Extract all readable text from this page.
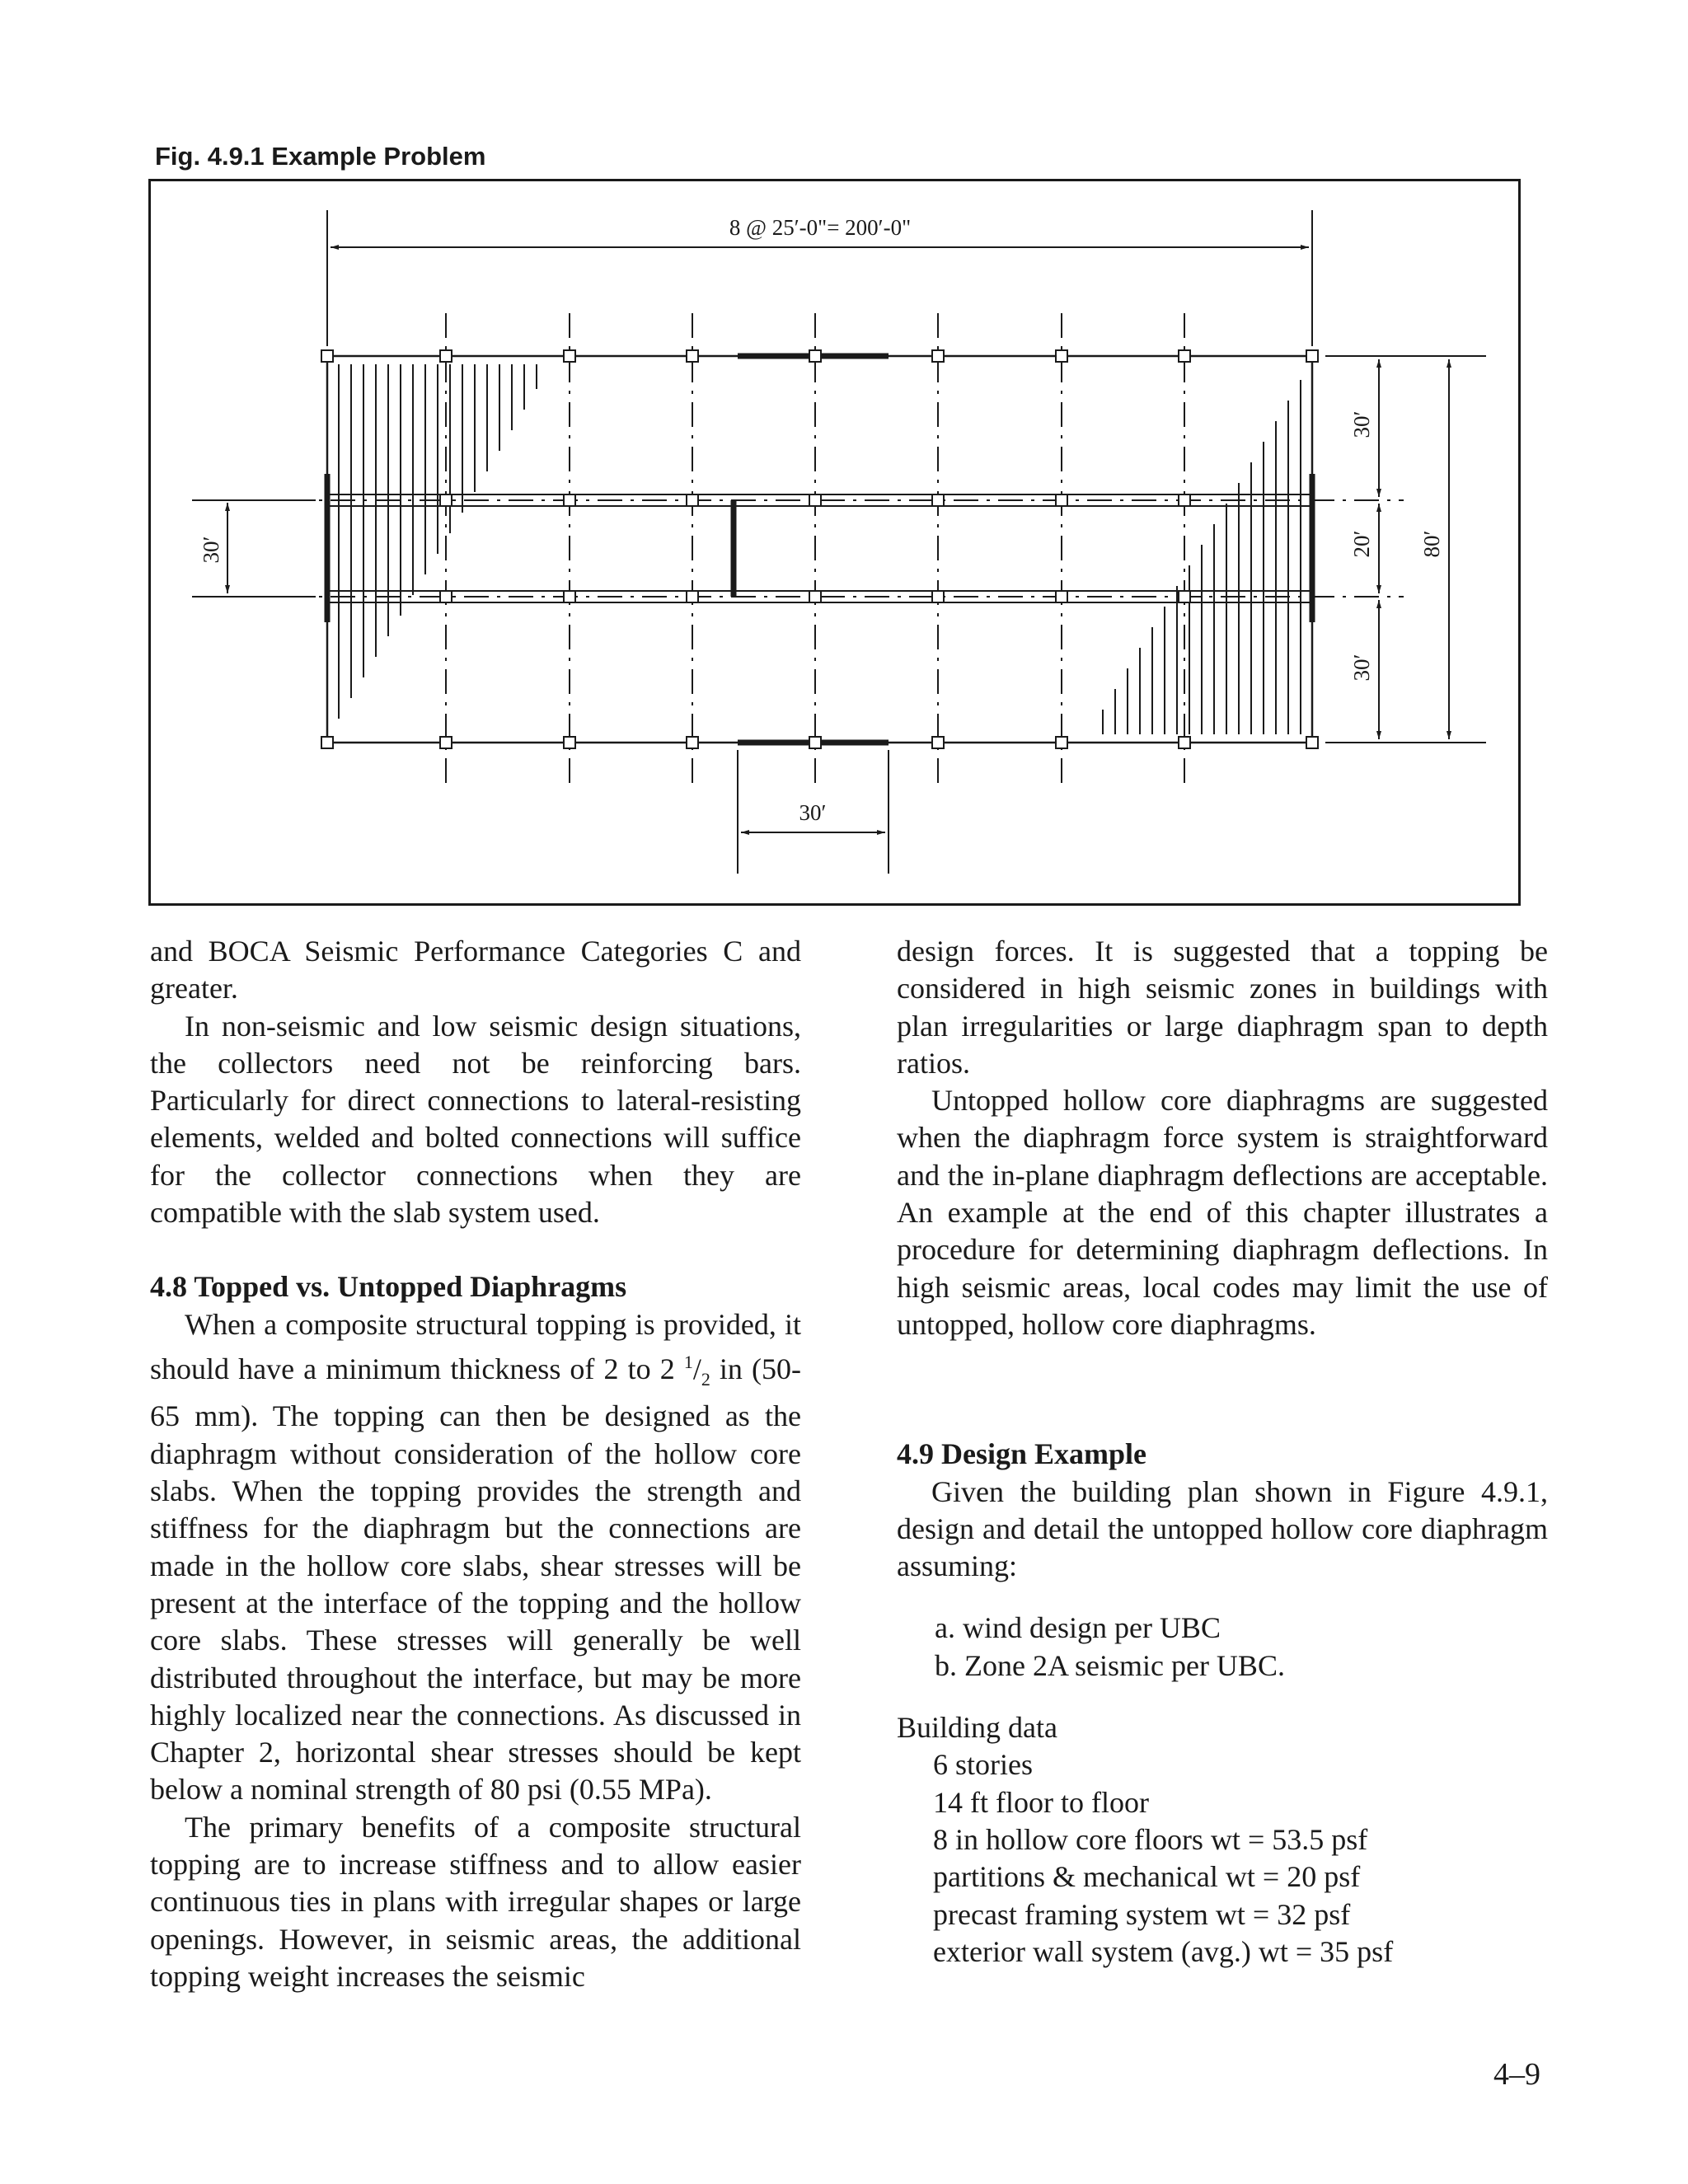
Fig. 4.9.1 Example Problem

8 @ 25′-0"= 200′-0"
30′
30′
30′
20′
30′
80′

and BOCA Seismic Performance Categories C and greater.

In non-seismic and low seismic design situations, the collectors need not be reinforcing bars. Particularly for direct connections to lateral-resisting elements, welded and bolted connections will suffice for the collector connections when they are compatible with the slab system used.

4.8 Topped vs. Untopped Diaphragms

When a composite structural topping is provided, it should have a minimum thickness of 2 to 2 $^1/_2$ in (50-65 mm). The topping can then be designed as the diaphragm without consideration of the hollow core slabs. When the topping provides the strength and stiffness for the diaphragm but the connections are made in the hollow core slabs, shear stresses will be present at the interface of the topping and the hollow core slabs. These stresses will generally be well distributed throughout the interface, but may be more highly localized near the connections. As discussed in Chapter 2, horizontal shear stresses should be kept below a nominal strength of 80 psi (0.55 MPa).

The primary benefits of a composite structural topping are to increase stiffness and to allow easier continuous ties in plans with irregular shapes or large openings. However, in seismic areas, the additional topping weight increases the seismic

design forces. It is suggested that a topping be considered in high seismic zones in buildings with plan irregularities or large diaphragm span to depth ratios.

Untopped hollow core diaphragms are suggested when the diaphragm force system is straightforward and the in-plane diaphragm deflections are acceptable. An example at the end of this chapter illustrates a procedure for determining diaphragm deflections. In high seismic areas, local codes may limit the use of untopped, hollow core diaphragms.

4.9 Design Example

Given the building plan shown in Figure 4.9.1, design and detail the untopped hollow core diaphragm assuming:

a. wind design per UBC
b. Zone 2A seismic per UBC.
Building data
6 stories
14 ft floor to floor
8 in hollow core floors wt = 53.5 psf
partitions & mechanical wt = 20 psf
precast framing system wt = 32 psf
exterior wall system (avg.) wt = 35 psf

4–9
